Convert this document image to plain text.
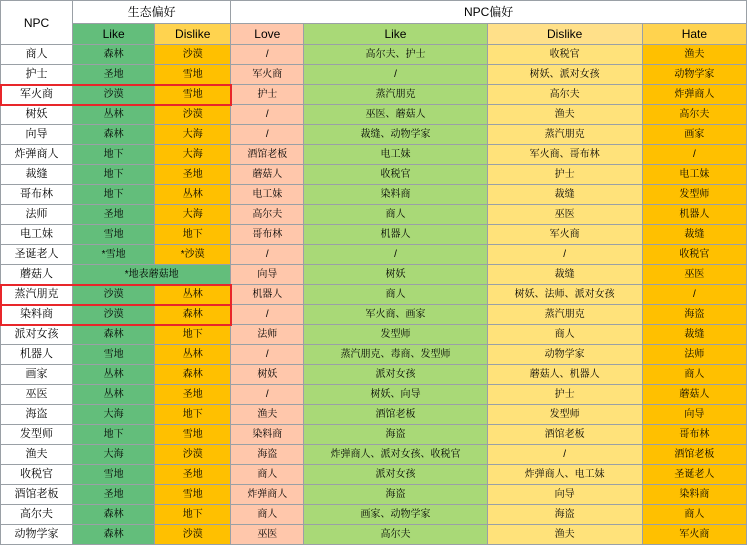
NPC	生态偏好		NPC偏好			
	Like	Dislike	Love	Like	Dislike	Hate
商人	森林	沙漠	/	高尔夫、护士	收税官	渔夫
护士	圣地	雪地	军火商	/	树妖、派对女孩	动物学家
军火商	沙漠	雪地	护士	蒸汽朋克	高尔夫	炸弹商人
树妖	丛林	沙漠	/	巫医、蘑菇人	渔夫	高尔夫
向导	森林	大海	/	裁缝、动物学家	蒸汽朋克	画家
炸弹商人	地下	大海	酒馆老板	电工妹	军火商、哥布林	/
裁缝	地下	圣地	蘑菇人	收税官	护士	电工妹
哥布林	地下	丛林	电工妹	染料商	裁缝	发型师
法师	圣地	大海	高尔夫	商人	巫医	机器人
电工妹	雪地	地下	哥布林	机器人	军火商	裁缝
圣诞老人	*雪地	*沙漠	/	/	/	收税官
蘑菇人	*地表蘑菇地		向导	树妖	裁缝	巫医
蒸汽朋克	沙漠	丛林	机器人	商人	树妖、法师、派对女孩	/
染料商	沙漠	森林	/	军火商、画家	蒸汽朋克	海盗
派对女孩	森林	地下	法师	发型师	商人	裁缝
机器人	雪地	丛林	/	蒸汽朋克、毒商、发型师	动物学家	法师
画家	丛林	森林	树妖	派对女孩	蘑菇人、机器人	商人
巫医	丛林	圣地	/	树妖、向导	护士	蘑菇人
海盗	大海	地下	渔夫	酒馆老板	发型师	向导
发型师	地下	雪地	染料商	海盗	酒馆老板	哥布林
渔夫	大海	沙漠	海盗	炸弹商人、派对女孩、收税官	/	酒馆老板
收税官	雪地	圣地	商人	派对女孩	炸弹商人、电工妹	圣诞老人
酒馆老板	圣地	雪地	炸弹商人	海盗	向导	染料商
高尔夫	森林	地下	商人	画家、动物学家	海盗	商人
动物学家	森林	沙漠	巫医	高尔夫	渔夫	军火商
